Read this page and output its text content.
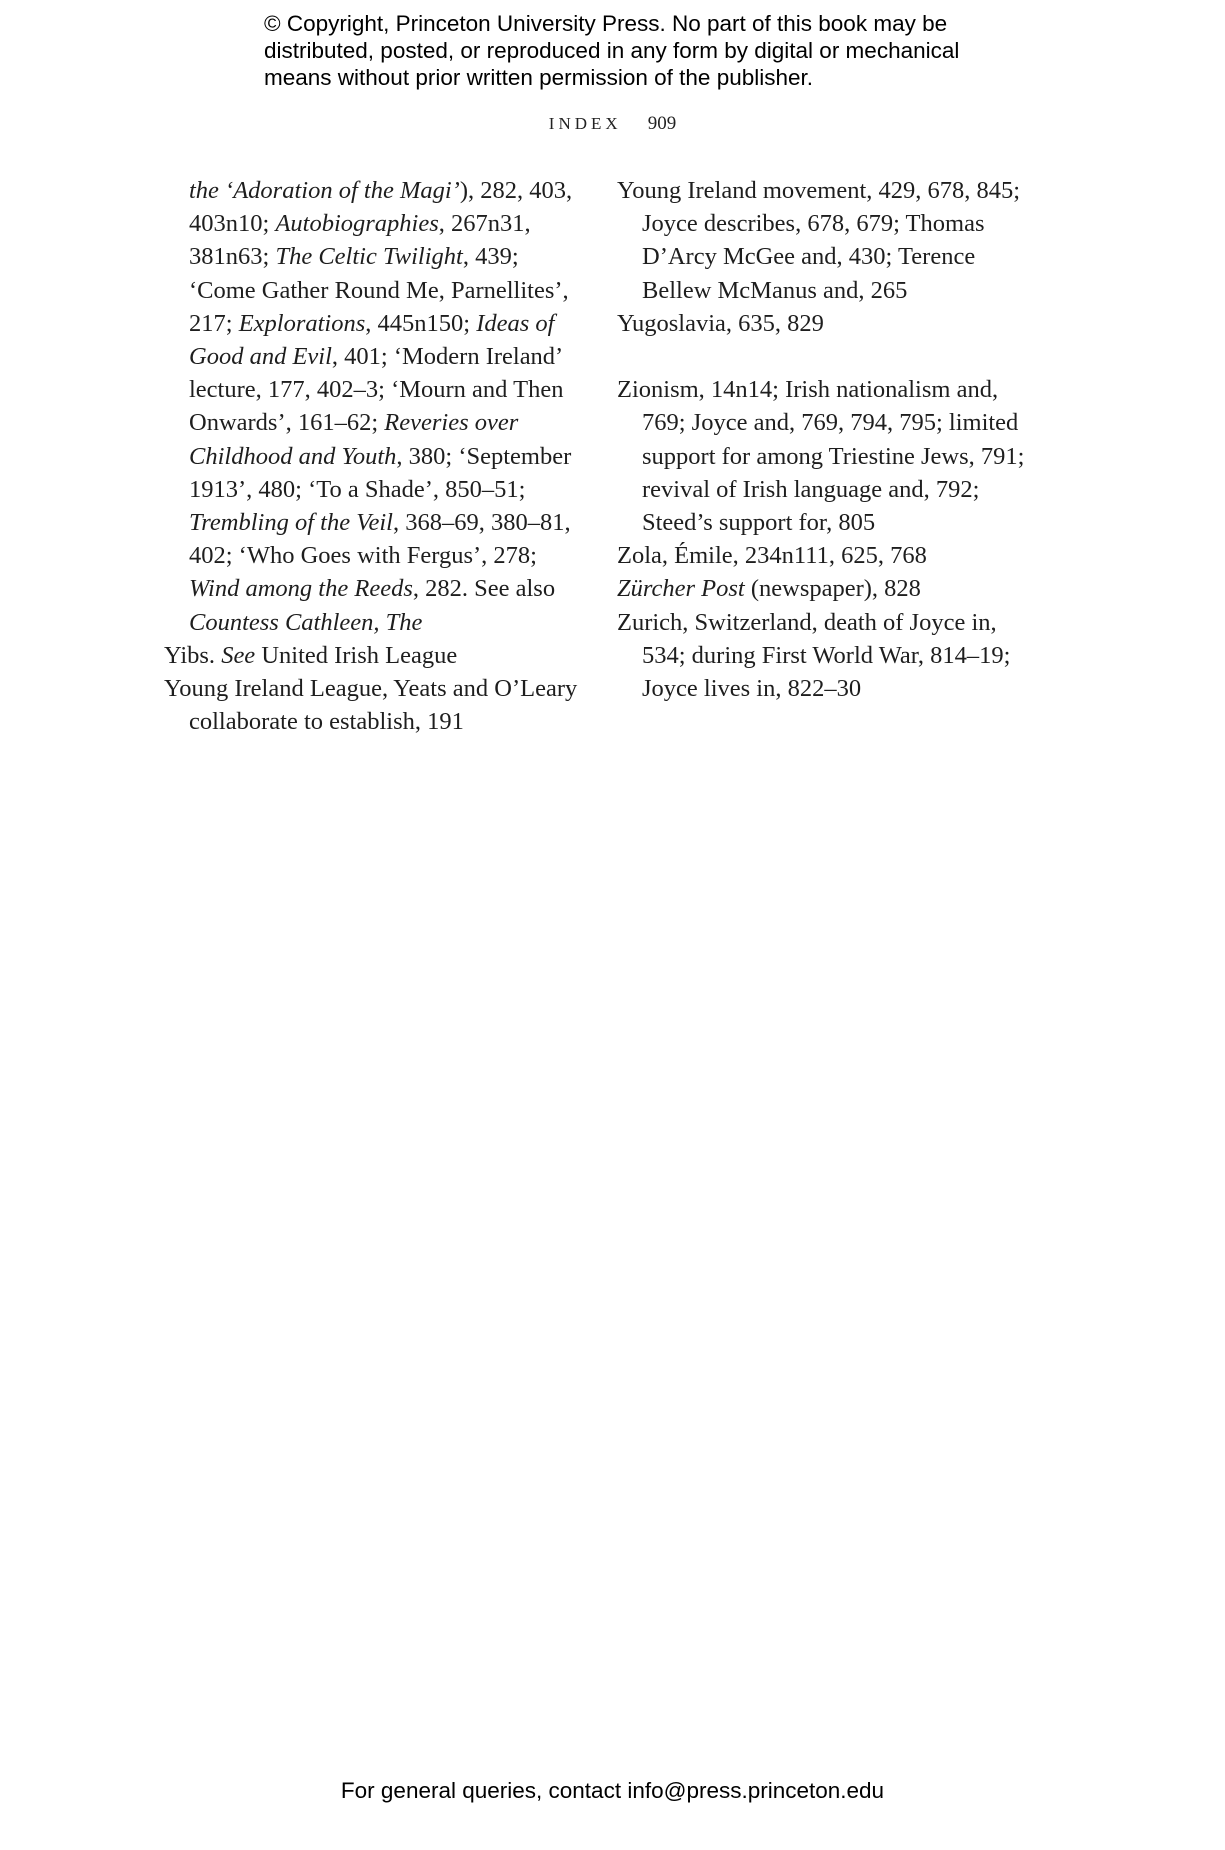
© Copyright, Princeton University Press. No part of this book may be distributed, posted, or reproduced in any form by digital or mechanical means without prior written permission of the publisher.
INDEX 909

the ‘Adoration of the Magi’), 282, 403, 403n10; Autobiographies, 267n31, 381n63; The Celtic Twilight, 439; ‘Come Gather Round Me, Parnellites’, 217; Explorations, 445n150; Ideas of Good and Evil, 401; ‘Modern Ireland’ lecture, 177, 402–3; ‘Mourn and Then Onwards’, 161–62; Reveries over Childhood and Youth, 380; ‘September 1913’, 480; ‘To a Shade’, 850–51; Trembling of the Veil, 368–69, 380–81, 402; ‘Who Goes with Fergus’, 278; Wind among the Reeds, 282. See also Countess Cathleen, The

Yibs. See United Irish League

Young Ireland League, Yeats and O’Leary collaborate to establish, 191

Young Ireland movement, 429, 678, 845; Joyce describes, 678, 679; Thomas D’Arcy McGee and, 430; Terence Bellew McManus and, 265

Yugoslavia, 635, 829

Zionism, 14n14; Irish nationalism and, 769; Joyce and, 769, 794, 795; limited support for among Triestine Jews, 791; revival of Irish language and, 792; Steed’s support for, 805

Zola, Émile, 234n111, 625, 768

Zürcher Post (newspaper), 828

Zurich, Switzerland, death of Joyce in, 534; during First World War, 814–19; Joyce lives in, 822–30

For general queries, contact info@press.princeton.edu
